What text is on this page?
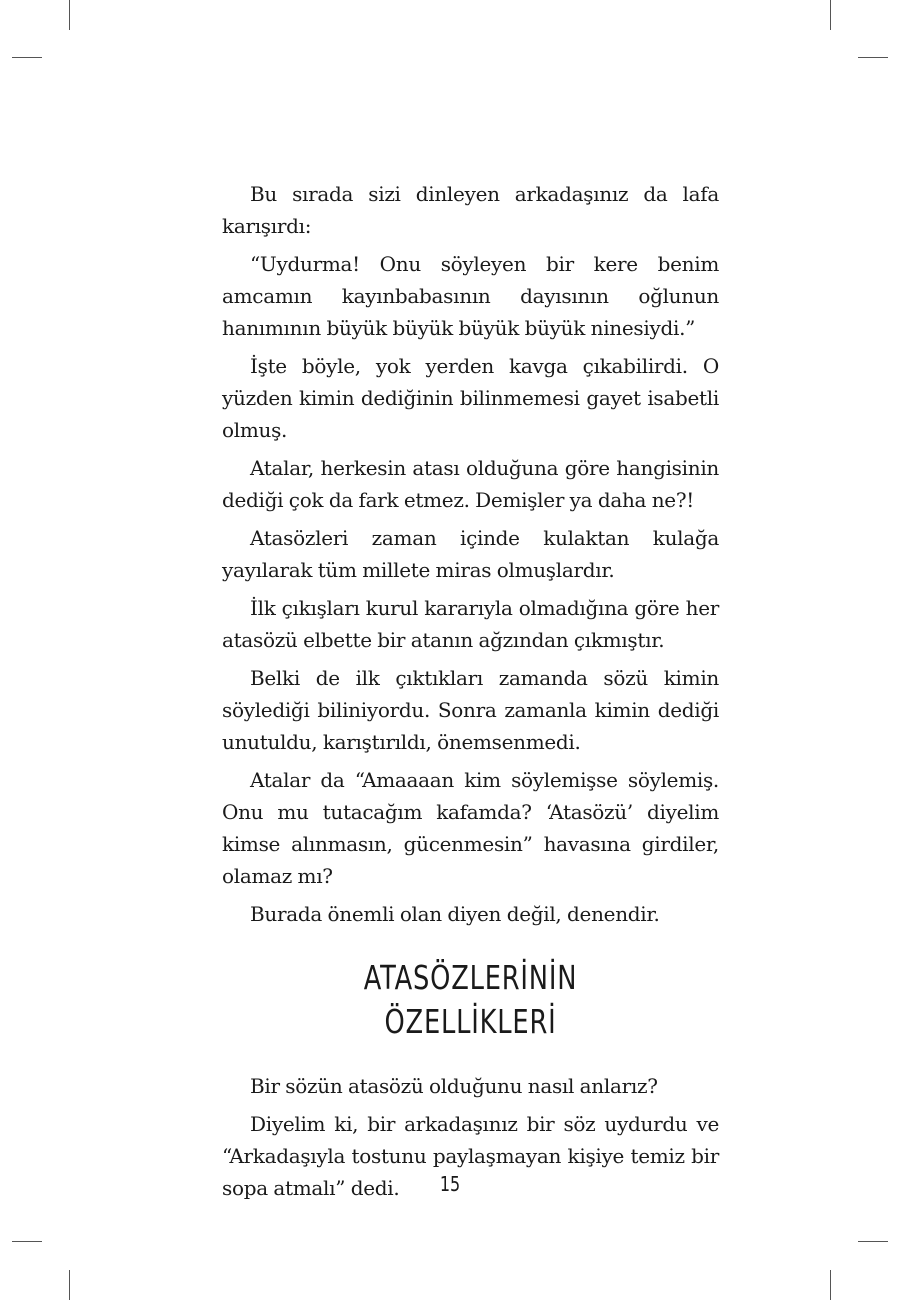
Bu sırada sizi dinleyen arkadaşınız da lafa karışırdı:

“Uydurma! Onu söyleyen bir kere benim amcamın kayınbabasının dayısının oğlunun hanımının büyük büyük büyük büyük ninesiydi.”

İşte böyle, yok yerden kavga çıkabilirdi. O yüzden kimin dediğinin bilinmemesi gayet isabetli olmuş.

Atalar, herkesin atası olduğuna göre hangisinin dediği çok da fark etmez. Demişler ya daha ne?!

Atasözleri zaman içinde kulaktan kulağa yayılarak tüm millete miras olmuşlardır.

İlk çıkışları kurul kararıyla olmadığına göre her atasözü elbette bir atanın ağzından çıkmıştır.

Belki de ilk çıktıkları zamanda sözü kimin söylediği biliniyordu. Sonra zamanla kimin dediği unutuldu, karıştırıldı, önemsenmedi.

Atalar da “Amaaaan kim söylemişse söylemiş. Onu mu tutacağım kafamda? ‘Atasözü’ diyelim kimse alınmasın, gücenmesin” havasına girdiler, olamaz mı?

Burada önemli olan diyen değil, denendir.

ATASÖZLERİNİN ÖZELLİKLERİ

Bir sözün atasözü olduğunu nasıl anlarız?

Diyelim ki, bir arkadaşınız bir söz uydurdu ve “Arkadaşıyla tostunu paylaşmayan kişiye temiz bir sopa atmalı” dedi.	15
